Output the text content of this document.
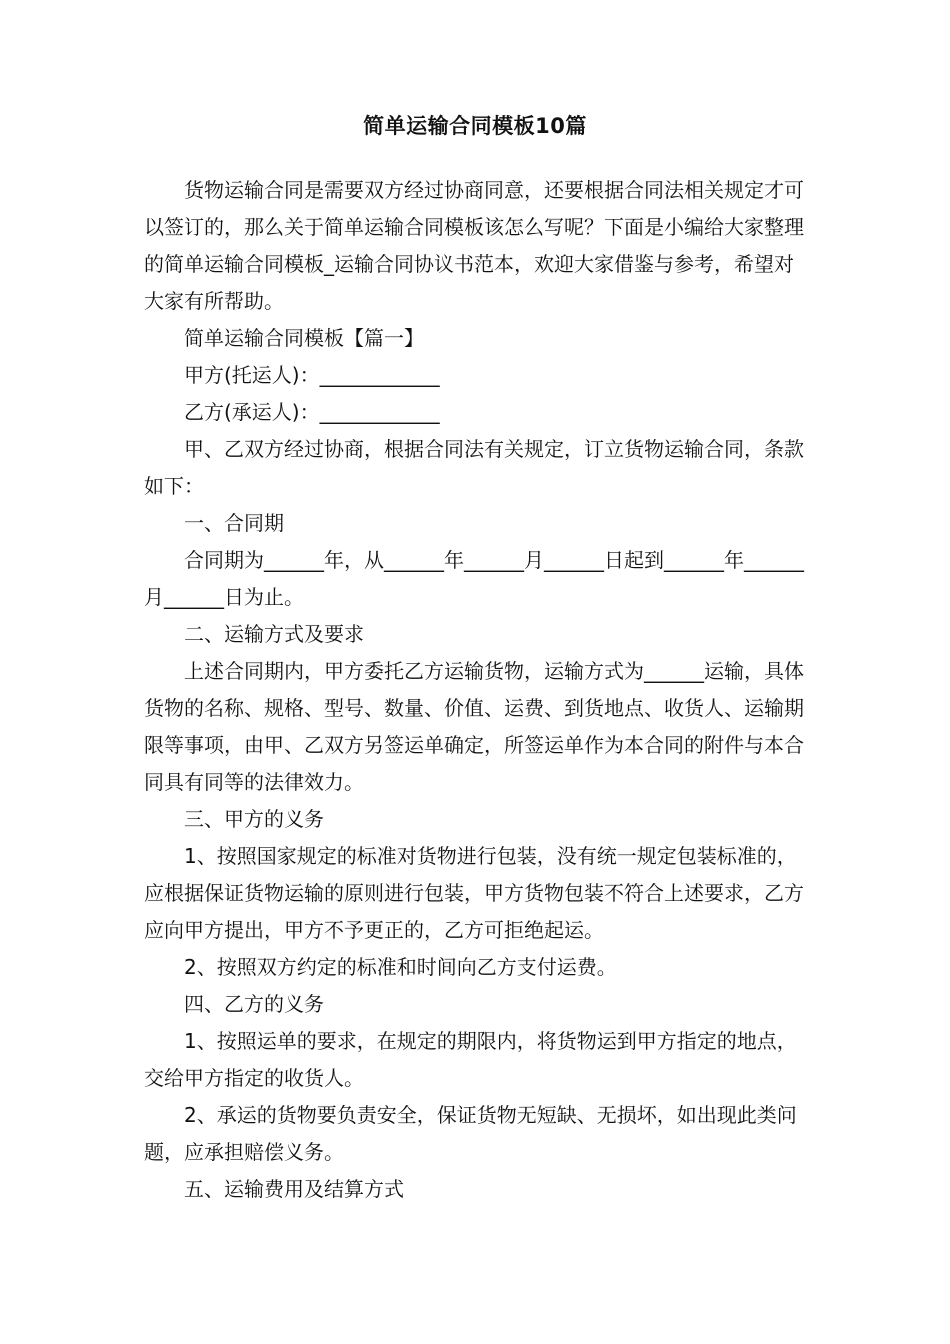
简单运输合同模板10篇

货物运输合同是需要双方经过协商同意，还要根据合同法相关规定才可以签订的，那么关于简单运输合同模板该怎么写呢？下面是小编给大家整理的简单运输合同模板_运输合同协议书范本，欢迎大家借鉴与参考，希望对大家有所帮助。

简单运输合同模板【篇一】

甲方(托运人)：____________

乙方(承运人)：____________

甲、乙双方经过协商，根据合同法有关规定，订立货物运输合同，条款如下：

一、合同期

合同期为______年，从______年______月______日起到______年______月______日为止。

二、运输方式及要求

上述合同期内，甲方委托乙方运输货物，运输方式为______运输，具体货物的名称、规格、型号、数量、价值、运费、到货地点、收货人、运输期限等事项，由甲、乙双方另签运单确定，所签运单作为本合同的附件与本合同具有同等的法律效力。

三、甲方的义务

1、按照国家规定的标准对货物进行包装，没有统一规定包装标准的，应根据保证货物运输的原则进行包装，甲方货物包装不符合上述要求，乙方应向甲方提出，甲方不予更正的，乙方可拒绝起运。

2、按照双方约定的标准和时间向乙方支付运费。

四、乙方的义务

1、按照运单的要求，在规定的期限内，将货物运到甲方指定的地点，交给甲方指定的收货人。

2、承运的货物要负责安全，保证货物无短缺、无损坏，如出现此类问题，应承担赔偿义务。

五、运输费用及结算方式
